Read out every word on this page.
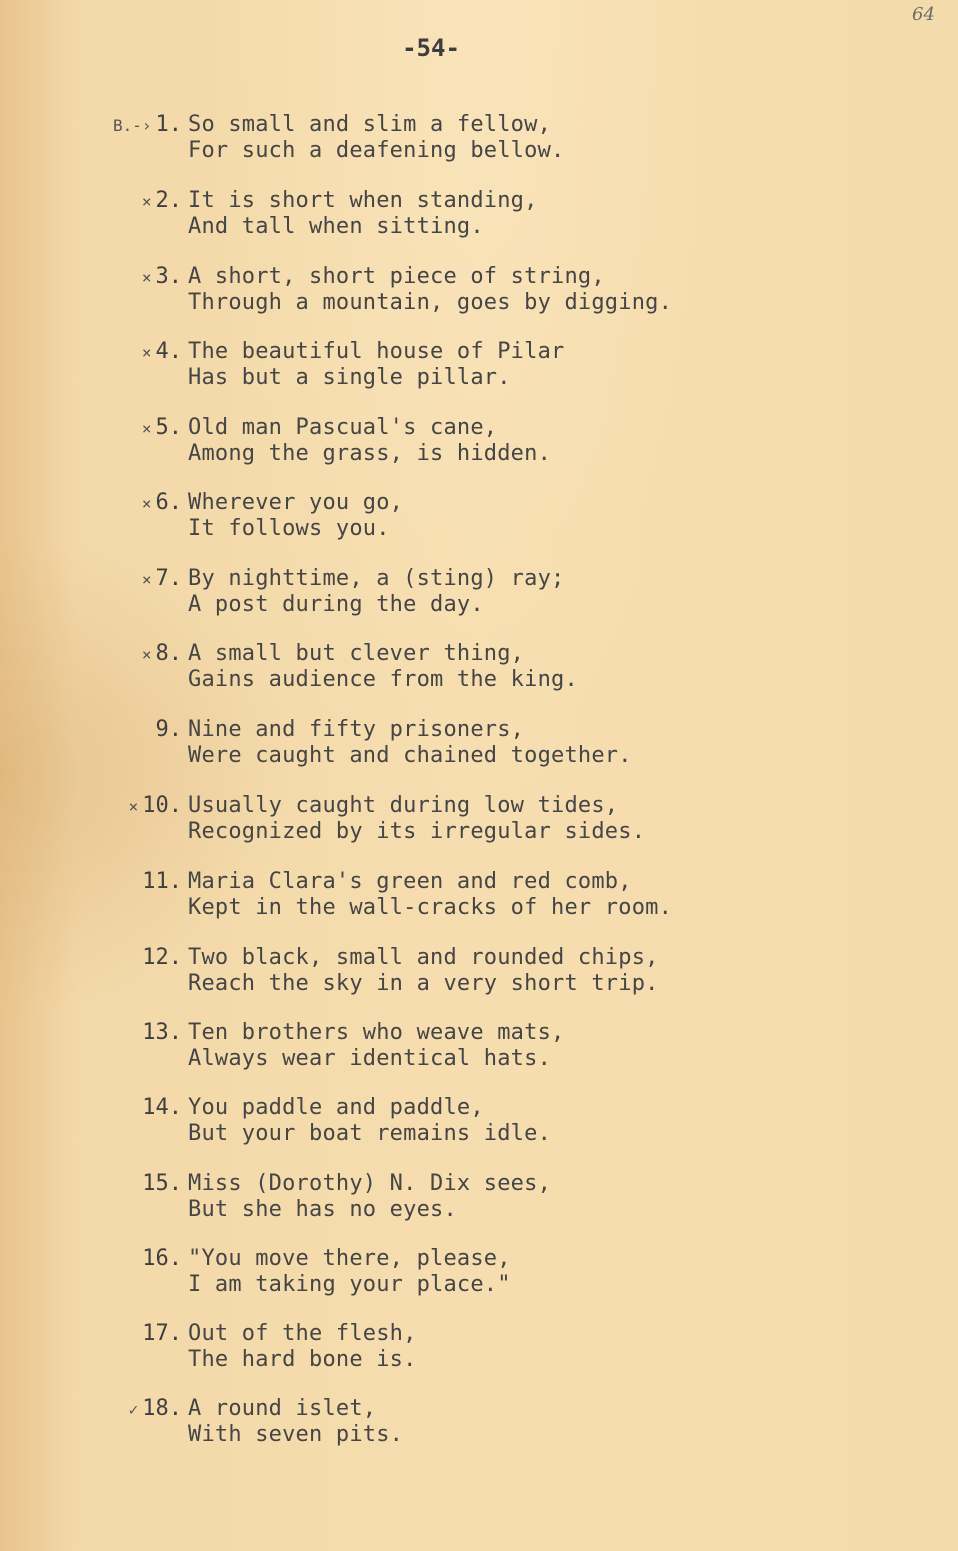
64
-54-
B.-› 1. So small and slim a fellow,
For such a deafening bellow.
× 2. It is short when standing,
And tall when sitting.
× 3. A short, short piece of string,
Through a mountain, goes by digging.
× 4. The beautiful house of Pilar
Has but a single pillar.
× 5. Old man Pascual's cane,
Among the grass, is hidden.
× 6. Wherever you go,
It follows you.
× 7. By nighttime, a (sting) ray;
A post during the day.
× 8. A small but clever thing,
Gains audience from the king.
9. Nine and fifty prisoners,
Were caught and chained together.
× 10. Usually caught during low tides,
Recognized by its irregular sides.
11. Maria Clara's green and red comb,
Kept in the wall-cracks of her room.
12. Two black, small and rounded chips,
Reach the sky in a very short trip.
13. Ten brothers who weave mats,
Always wear identical hats.
14. You paddle and paddle,
But your boat remains idle.
15. Miss (Dorothy) N. Dix sees,
But she has no eyes.
16. "You move there, please,
I am taking your place."
17. Out of the flesh,
The hard bone is.
✓ 18. A round islet,
With seven pits.
